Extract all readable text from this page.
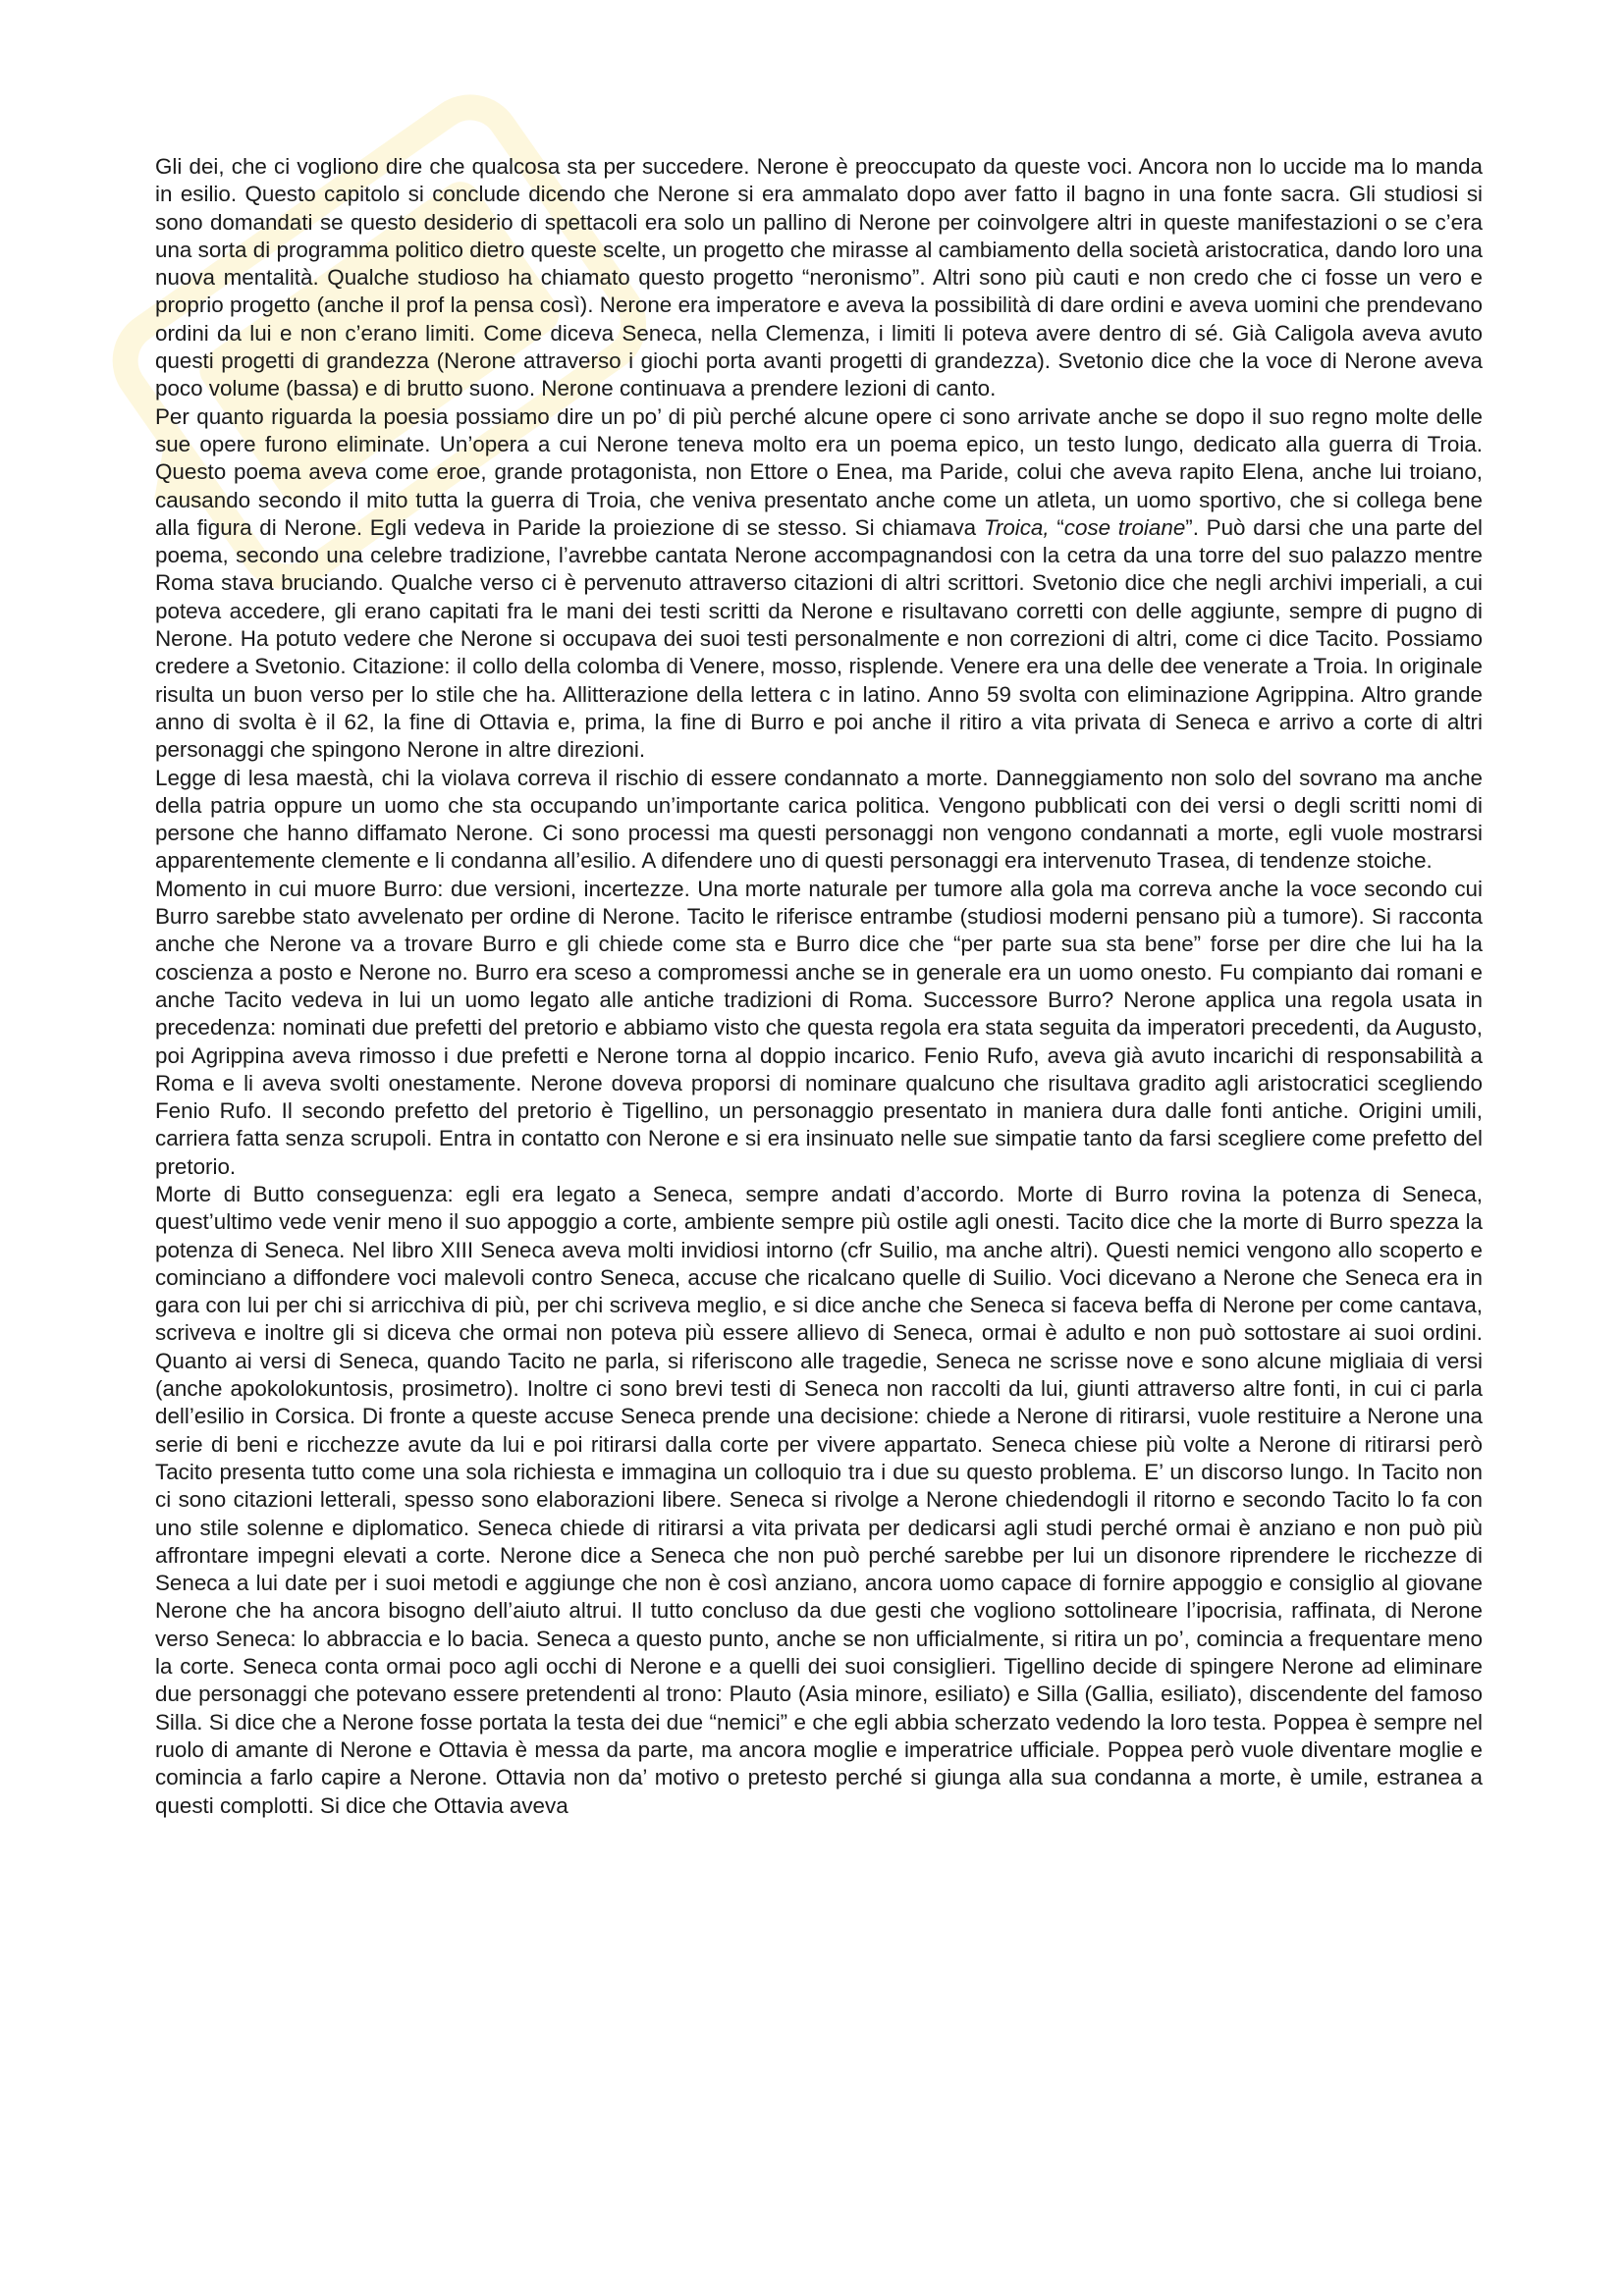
Gli dei, che ci vogliono dire che qualcosa sta per succedere. Nerone è preoccupato da queste voci. Ancora non lo uccide ma lo manda in esilio. Questo capitolo si conclude dicendo che Nerone si era ammalato dopo aver fatto il bagno in una fonte sacra. Gli studiosi si sono domandati se questo desiderio di spettacoli era solo un pallino di Nerone per coinvolgere altri in queste manifestazioni o se c’era una sorta di programma politico dietro queste scelte, un progetto che mirasse al cambiamento della società aristocratica, dando loro una nuova mentalità. Qualche studioso ha chiamato questo progetto “neronismo”. Altri sono più cauti e non credo che ci fosse un vero e proprio progetto (anche il prof la pensa così). Nerone era imperatore e aveva la possibilità di dare ordini e aveva uomini che prendevano ordini da lui e non c’erano limiti. Come diceva Seneca, nella Clemenza, i limiti li poteva avere dentro di sé. Già Caligola aveva avuto questi progetti di grandezza (Nerone attraverso i giochi porta avanti progetti di grandezza). Svetonio dice che la voce di Nerone aveva poco volume (bassa) e di brutto suono. Nerone continuava a prendere lezioni di canto.

Per quanto riguarda la poesia possiamo dire un po’ di più perché alcune opere ci sono arrivate anche se dopo il suo regno molte delle sue opere furono eliminate. Un’opera a cui Nerone teneva molto era un poema epico, un testo lungo, dedicato alla guerra di Troia. Questo poema aveva come eroe, grande protagonista, non Ettore o Enea, ma Paride, colui che aveva rapito Elena, anche lui troiano, causando secondo il mito tutta la guerra di Troia, che veniva presentato anche come un atleta, un uomo sportivo, che si collega bene alla figura di Nerone. Egli vedeva in Paride la proiezione di se stesso. Si chiamava Troica, “cose troiane”. Può darsi che una parte del poema, secondo una celebre tradizione, l’avrebbe cantata Nerone accompagnandosi con la cetra da una torre del suo palazzo mentre Roma stava bruciando. Qualche verso ci è pervenuto attraverso citazioni di altri scrittori. Svetonio dice che negli archivi imperiali, a cui poteva accedere, gli erano capitati fra le mani dei testi scritti da Nerone e risultavano corretti con delle aggiunte, sempre di pugno di Nerone. Ha potuto vedere che Nerone si occupava dei suoi testi personalmente e non correzioni di altri, come ci dice Tacito. Possiamo credere a Svetonio. Citazione: il collo della colomba di Venere, mosso, risplende. Venere era una delle dee venerate a Troia. In originale risulta un buon verso per lo stile che ha. Allitterazione della lettera c in latino. Anno 59 svolta con eliminazione Agrippina. Altro grande anno di svolta è il 62, la fine di Ottavia e, prima, la fine di Burro e poi anche il ritiro a vita privata di Seneca e arrivo a corte di altri personaggi che spingono Nerone in altre direzioni.

Legge di lesa maestà, chi la violava correva il rischio di essere condannato a morte. Danneggiamento non solo del sovrano ma anche della patria oppure un uomo che sta occupando un’importante carica politica. Vengono pubblicati con dei versi o degli scritti nomi di persone che hanno diffamato Nerone. Ci sono processi ma questi personaggi non vengono condannati a morte, egli vuole mostrarsi apparentemente clemente e li condanna all’esilio. A difendere uno di questi personaggi era intervenuto Trasea, di tendenze stoiche.

Momento in cui muore Burro: due versioni, incertezze. Una morte naturale per tumore alla gola ma correva anche la voce secondo cui Burro sarebbe stato avvelenato per ordine di Nerone. Tacito le riferisce entrambe (studiosi moderni pensano più a tumore). Si racconta anche che Nerone va a trovare Burro e gli chiede come sta e Burro dice che “per parte sua sta bene” forse per dire che lui ha la coscienza a posto e Nerone no. Burro era sceso a compromessi anche se in generale era un uomo onesto. Fu compianto dai romani e anche Tacito vedeva in lui un uomo legato alle antiche tradizioni di Roma. Successore Burro? Nerone applica una regola usata in precedenza: nominati due prefetti del pretorio e abbiamo visto che questa regola era stata seguita da imperatori precedenti, da Augusto, poi Agrippina aveva rimosso i due prefetti e Nerone torna al doppio incarico. Fenio Rufo, aveva già avuto incarichi di responsabilità a Roma e li aveva svolti onestamente. Nerone doveva proporsi di nominare qualcuno che risultava gradito agli aristocratici scegliendo Fenio Rufo. Il secondo prefetto del pretorio è Tigellino, un personaggio presentato in maniera dura dalle fonti antiche. Origini umili, carriera fatta senza scrupoli. Entra in contatto con Nerone e si era insinuato nelle sue simpatie tanto da farsi scegliere come prefetto del pretorio.

Morte di Butto conseguenza: egli era legato a Seneca, sempre andati d’accordo. Morte di Burro rovina la potenza di Seneca, quest’ultimo vede venir meno il suo appoggio a corte, ambiente sempre più ostile agli onesti. Tacito dice che la morte di Burro spezza la potenza di Seneca. Nel libro XIII Seneca aveva molti invidiosi intorno (cfr Suilio, ma anche altri). Questi nemici vengono allo scoperto e cominciano a diffondere voci malevoli contro Seneca, accuse che ricalcano quelle di Suilio. Voci dicevano a Nerone che Seneca era in gara con lui per chi si arricchiva di più, per chi scriveva meglio, e si dice anche che Seneca si faceva beffa di Nerone per come cantava, scriveva e inoltre gli si diceva che ormai non poteva più essere allievo di Seneca, ormai è adulto e non può sottostare ai suoi ordini. Quanto ai versi di Seneca, quando Tacito ne parla, si riferiscono alle tragedie, Seneca ne scrisse nove e sono alcune migliaia di versi (anche apokolokuntosis, prosimetro). Inoltre ci sono brevi testi di Seneca non raccolti da lui, giunti attraverso altre fonti, in cui ci parla dell’esilio in Corsica. Di fronte a queste accuse Seneca prende una decisione: chiede a Nerone di ritirarsi, vuole restituire a Nerone una serie di beni e ricchezze avute da lui e poi ritirarsi dalla corte per vivere appartato. Seneca chiese più volte a Nerone di ritirarsi però Tacito presenta tutto come una sola richiesta e immagina un colloquio tra i due su questo problema. E’ un discorso lungo. In Tacito non ci sono citazioni letterali, spesso sono elaborazioni libere. Seneca si rivolge a Nerone chiedendogli il ritorno e secondo Tacito lo fa con uno stile solenne e diplomatico. Seneca chiede di ritirarsi a vita privata per dedicarsi agli studi perché ormai è anziano e non può più affrontare impegni elevati a corte. Nerone dice a Seneca che non può perché sarebbe per lui un disonore riprendere le ricchezze di Seneca a lui date per i suoi metodi e aggiunge che non è così anziano, ancora uomo capace di fornire appoggio e consiglio al giovane Nerone che ha ancora bisogno dell’aiuto altrui. Il tutto concluso da due gesti che vogliono sottolineare l’ipocrisia, raffinata, di Nerone verso Seneca: lo abbraccia e lo bacia. Seneca a questo punto, anche se non ufficialmente, si ritira un po’, comincia a frequentare meno la corte. Seneca conta ormai poco agli occhi di Nerone e a quelli dei suoi consiglieri. Tigellino decide di spingere Nerone ad eliminare due personaggi che potevano essere pretendenti al trono: Plauto (Asia minore, esiliato) e Silla (Gallia, esiliato), discendente del famoso Silla. Si dice che a Nerone fosse portata la testa dei due “nemici” e che egli abbia scherzato vedendo la loro testa. Poppea è sempre nel ruolo di amante di Nerone e Ottavia è messa da parte, ma ancora moglie e imperatrice ufficiale. Poppea però vuole diventare moglie e comincia a farlo capire a Nerone. Ottavia non da’ motivo o pretesto perché si giunga alla sua condanna a morte, è umile, estranea a questi complotti. Si dice che Ottavia aveva
